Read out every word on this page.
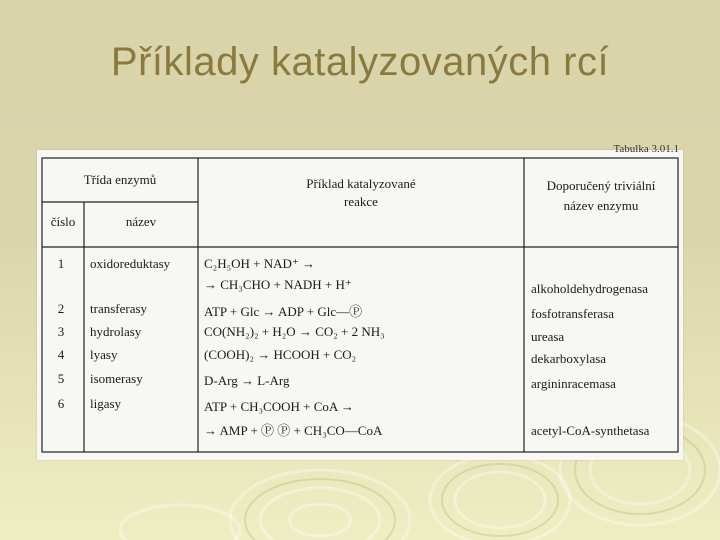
Příklady katalyzovaných rcí
Tabulka 3.01.1
Třída enzymů
číslo	název
Příklad katalyzované
reakce
Doporučený triviální
název enzymu
1	oxidoreduktasy	C₂H₅OH + NAD⁺ →
→ CH₃CHO + NADH + H⁺	alkoholdehydrogenasa
2	transferasy	ATP + Glc → ADP + Glc—Ⓟ	fosfotransferasa
3	hydrolasy	CO(NH₂)₂ + H₂O → CO₂ + 2 NH₃	ureasa
4	lyasy	(COOH)₂ → HCOOH + CO₂	dekarboxylasa
5	isomerasy	D-Arg → L-Arg	argininracemasa
6	ligasy	ATP + CH₃COOH + CoA →
→ AMP + Ⓟ Ⓟ + CH₃CO—CoA	acetyl-CoA-synthetasa
